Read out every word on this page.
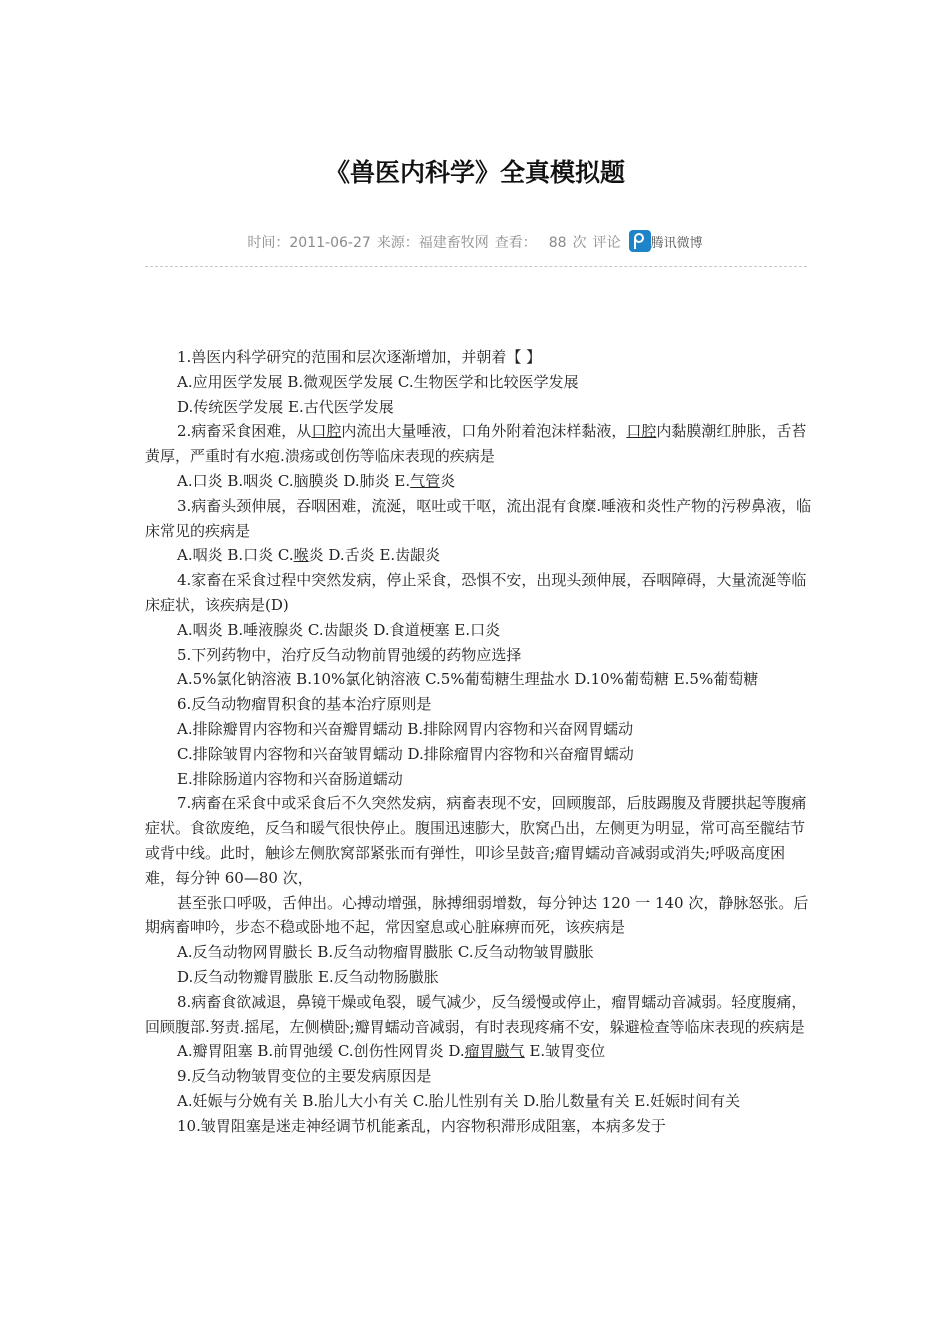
《兽医内科学》全真模拟题
时间：2011-06-27 来源：福建畜牧网 查看： 88 次 评论 腾讯微博

1.兽医内科学研究的范围和层次逐渐增加，并朝着【 】

A.应用医学发展 B.微观医学发展 C.生物医学和比较医学发展

D.传统医学发展 E.古代医学发展

2.病畜采食困难，从口腔内流出大量唾液，口角外附着泡沫样黏液，口腔内黏膜潮红肿胀，舌苔黄厚，严重时有水疱.溃疡或创伤等临床表现的疾病是

A.口炎 B.咽炎 C.脑膜炎 D.肺炎 E.气管炎

3.病畜头颈伸展，吞咽困难，流涎，呕吐或干呕，流出混有食糜.唾液和炎性产物的污秽鼻液，临床常见的疾病是

A.咽炎 B.口炎 C.喉炎 D.舌炎 E.齿龈炎

4.家畜在采食过程中突然发病，停止采食，恐惧不安，出现头颈伸展，吞咽障碍，大量流涎等临床症状，该疾病是(D)

A.咽炎 B.唾液腺炎 C.齿龈炎 D.食道梗塞 E.口炎

5.下列药物中，治疗反刍动物前胃弛缓的药物应选择

A.5%氯化钠溶液 B.10%氯化钠溶液 C.5%葡萄糖生理盐水 D.10%葡萄糖 E.5%葡萄糖

6.反刍动物瘤胃积食的基本治疗原则是

A.排除瓣胃内容物和兴奋瓣胃蠕动 B.排除网胃内容物和兴奋网胃蠕动

C.排除皱胃内容物和兴奋皱胃蠕动 D.排除瘤胃内容物和兴奋瘤胃蠕动

E.排除肠道内容物和兴奋肠道蠕动

7.病畜在采食中或采食后不久突然发病，病畜表现不安，回顾腹部，后肢踢腹及背腰拱起等腹痛症状。食欲废绝，反刍和暖气很快停止。腹围迅速膨大，肷窝凸出，左侧更为明显，常可高至髋结节或背中线。此时，触诊左侧肷窝部紧张而有弹性，叩诊呈鼓音;瘤胃蠕动音减弱或消失;呼吸高度困难，每分钟 60—80 次，

甚至张口呼吸，舌伸出。心搏动增强，脉搏细弱增数，每分钟达 120 一 140 次，静脉怒张。后期病畜呻吟，步态不稳或卧地不起，常因窒息或心脏麻痹而死，该疾病是

A.反刍动物网胃臌长 B.反刍动物瘤胃臌胀 C.反刍动物皱胃臌胀

D.反刍动物瓣胃臌胀 E.反刍动物肠臌胀

8.病畜食欲减退，鼻镜干燥或龟裂，暖气减少，反刍缓慢或停止，瘤胃蠕动音减弱。轻度腹痛，回顾腹部.努责.摇尾，左侧横卧;瓣胃蠕动音减弱，有时表现疼痛不安，躲避检查等临床表现的疾病是

A.瓣胃阻塞 B.前胃弛缓 C.创伤性网胃炎 D.瘤胃臌气 E.皱胃变位

9.反刍动物皱胃变位的主要发病原因是

A.妊娠与分娩有关 B.胎儿大小有关 C.胎儿性别有关 D.胎儿数量有关 E.妊娠时间有关

10.皱胃阻塞是迷走神经调节机能紊乱，内容物积滞形成阻塞，本病多发于
